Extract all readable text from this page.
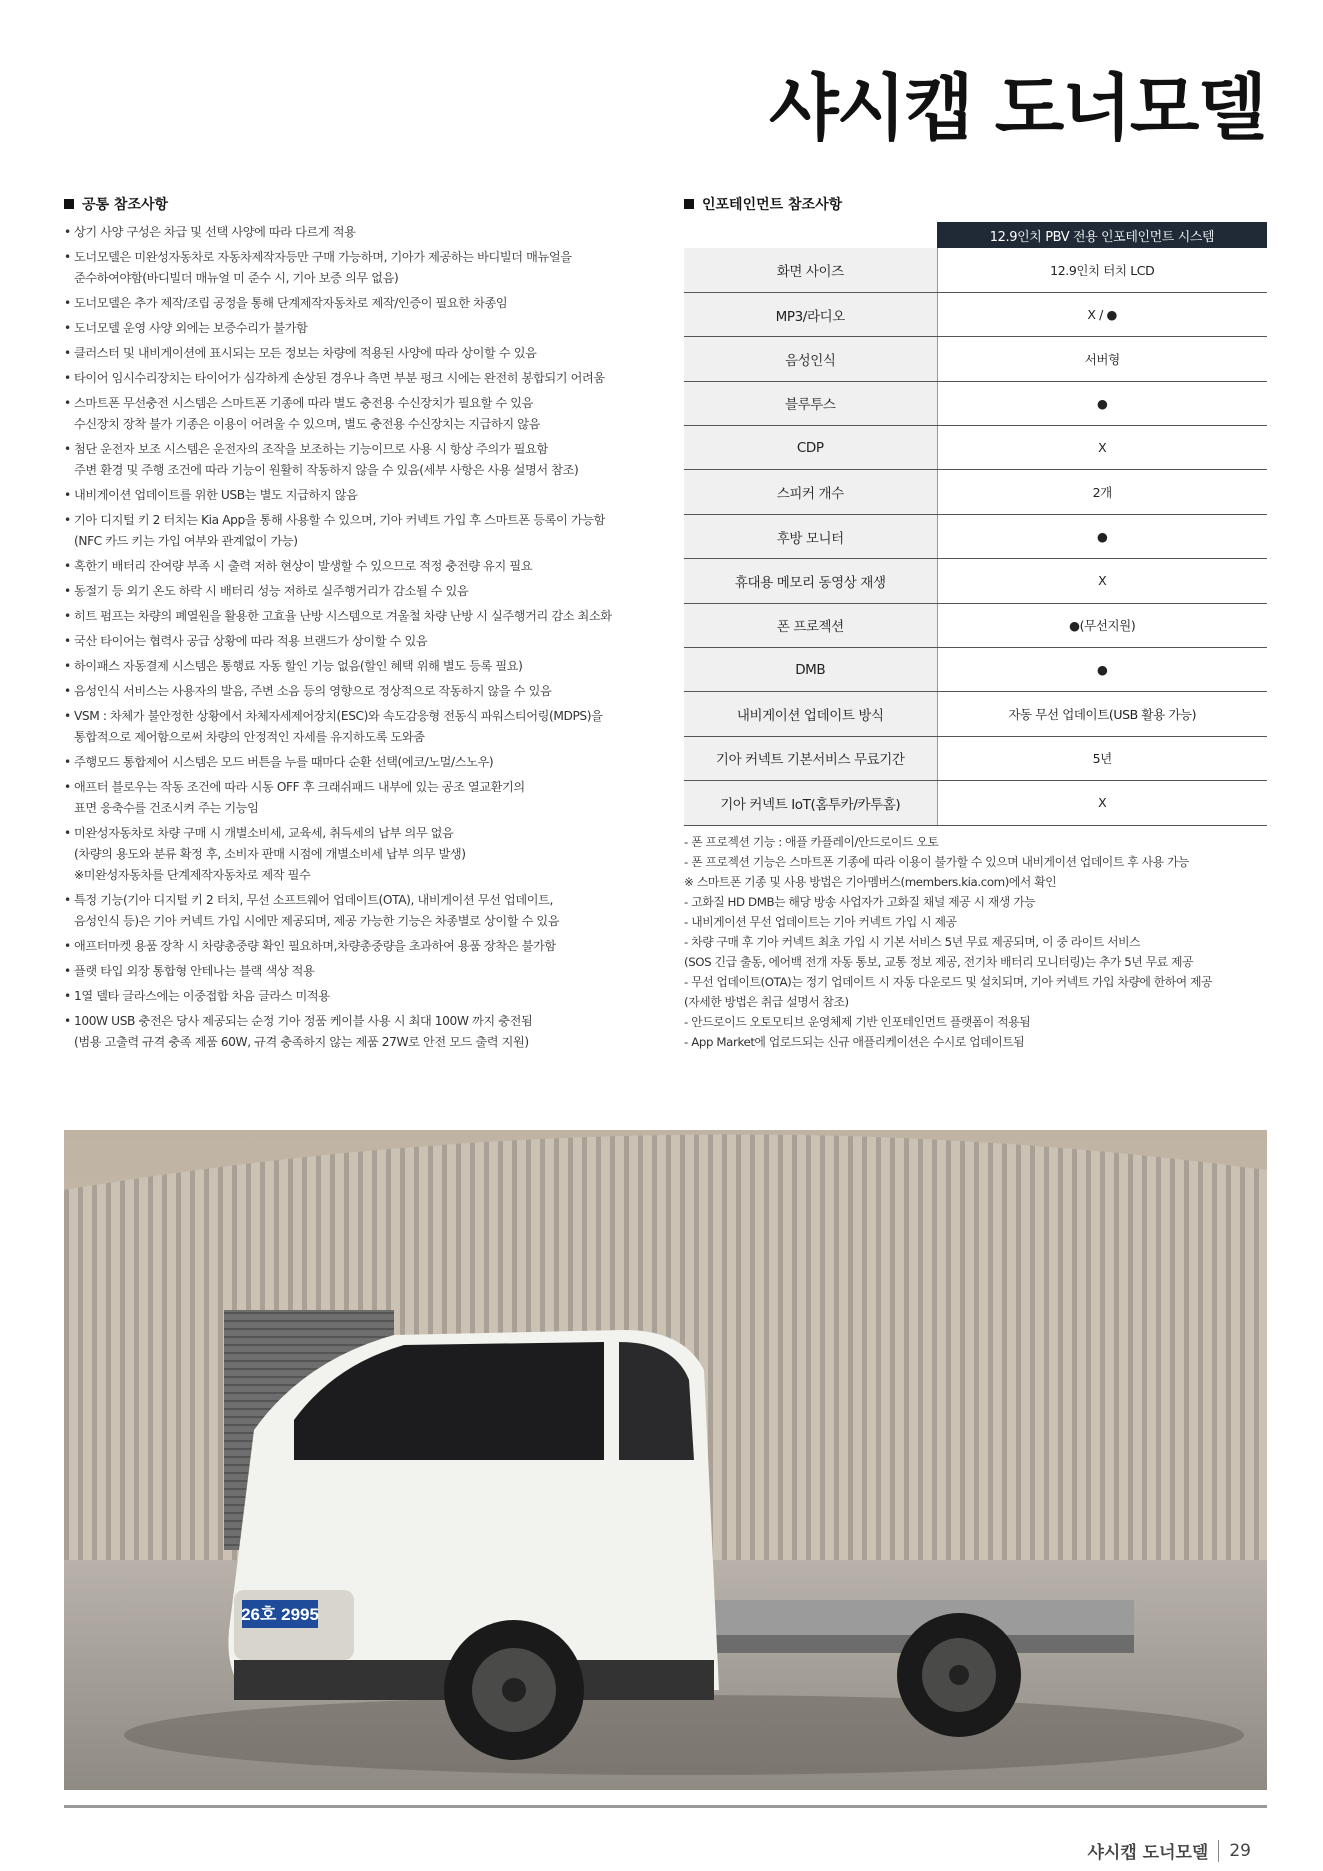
샤시캡 도너모델
공통 참조사항
• 상기 사양 구성은 차급 및 선택 사양에 따라 다르게 적용
• 도너모델은 미완성자동차로 자동차제작자등만 구매 가능하며, 기아가 제공하는 바디빌더 매뉴얼을
준수하여야함(바디빌더 매뉴얼 미 준수 시, 기아 보증 의무 없음)
• 도너모델은 추가 제작/조립 공정을 통해 단계제작자동차로 제작/인증이 필요한 차종임
• 도너모델 운영 사양 외에는 보증수리가 불가함
• 클러스터 및 내비게이션에 표시되는 모든 정보는 차량에 적용된 사양에 따라 상이할 수 있음
• 타이어 임시수리장치는 타이어가 심각하게 손상된 경우나 측면 부분 펑크 시에는 완전히 봉합되기 어려움
• 스마트폰 무선충전 시스템은 스마트폰 기종에 따라 별도 충전용 수신장치가 필요할 수 있음
수신장치 장착 불가 기종은 이용이 어려울 수 있으며, 별도 충전용 수신장치는 지급하지 않음
• 첨단 운전자 보조 시스템은 운전자의 조작을 보조하는 기능이므로 사용 시 항상 주의가 필요함
주변 환경 및 주행 조건에 따라 기능이 원활히 작동하지 않을 수 있음(세부 사항은 사용 설명서 참조)
• 내비게이션 업데이트를 위한 USB는 별도 지급하지 않음
• 기아 디지털 키 2 터치는 Kia App을 통해 사용할 수 있으며, 기아 커넥트 가입 후 스마트폰 등록이 가능함
(NFC 카드 키는 가입 여부와 관계없이 가능)
• 혹한기 배터리 잔여량 부족 시 출력 저하 현상이 발생할 수 있으므로 적정 충전량 유지 필요
• 동절기 등 외기 온도 하락 시 배터리 성능 저하로 실주행거리가 감소될 수 있음
• 히트 펌프는 차량의 폐열원을 활용한 고효율 난방 시스템으로 겨울철 차량 난방 시 실주행거리 감소 최소화
• 국산 타이어는 협력사 공급 상황에 따라 적용 브랜드가 상이할 수 있음
• 하이패스 자동결제 시스템은 통행료 자동 할인 기능 없음(할인 혜택 위해 별도 등록 필요)
• 음성인식 서비스는 사용자의 발음, 주변 소음 등의 영향으로 정상적으로 작동하지 않을 수 있음
• VSM : 차체가 불안정한 상황에서 차체자세제어장치(ESC)와 속도감응형 전동식 파워스티어링(MDPS)을
통합적으로 제어함으로써 차량의 안정적인 자세를 유지하도록 도와줌
• 주행모드 통합제어 시스템은 모드 버튼을 누를 때마다 순환 선택(에코/노멀/스노우)
• 애프터 블로우는 작동 조건에 따라 시동 OFF 후 크래쉬패드 내부에 있는 공조 열교환기의
표면 응축수를 건조시켜 주는 기능임
• 미완성자동차로 차량 구매 시 개별소비세, 교육세, 취득세의 납부 의무 없음
(차량의 용도와 분류 확정 후, 소비자 판매 시점에 개별소비세 납부 의무 발생)
※미완성자동차를 단계제작자동차로 제작 필수
• 특정 기능(기아 디지털 키 2 터치, 무선 소프트웨어 업데이트(OTA), 내비게이션 무선 업데이트,
음성인식 등)은 기아 커넥트 가입 시에만 제공되며, 제공 가능한 기능은 차종별로 상이할 수 있음
• 애프터마켓 용품 장착 시 차량총중량 확인 필요하며,차량총중량을 초과하여 용품 장착은 불가함
• 플랫 타입 외장 통합형 안테나는 블랙 색상 적용
• 1열 델타 글라스에는 이중접합 차음 글라스 미적용
• 100W USB 충전은 당사 제공되는 순정 기아 정품 케이블 사용 시 최대 100W 까지 충전됨
(범용 고출력 규격 충족 제품 60W, 규격 충족하지 않는 제품 27W로 안전 모드 출력 지원)
인포테인먼트 참조사항
	12.9인치 PBV 전용 인포테인먼트 시스템
화면 사이즈	12.9인치 터치 LCD
MP3/라디오	X / ●
음성인식	서버형
블루투스	●
CDP	X
스피커 개수	2개
후방 모니터	●
휴대용 메모리 동영상 재생	X
폰 프로젝션	●(무선지원)
DMB	●
내비게이션 업데이트 방식	자동 무선 업데이트(USB 활용 가능)
기아 커넥트 기본서비스 무료기간	5년
기아 커넥트 IoT(홈투카/카투홈)	X
- 폰 프로젝션 기능 : 애플 카플레이/안드로이드 오토
- 폰 프로젝션 기능은 스마트폰 기종에 따라 이용이 불가할 수 있으며 내비게이션 업데이트 후 사용 가능
※ 스마트폰 기종 및 사용 방법은 기아멤버스(members.kia.com)에서 확인
- 고화질 HD DMB는 해당 방송 사업자가 고화질 채널 제공 시 재생 가능
- 내비게이션 무선 업데이트는 기아 커넥트 가입 시 제공
- 차량 구매 후 기아 커넥트 최초 가입 시 기본 서비스 5년 무료 제공되며, 이 중 라이트 서비스
(SOS 긴급 출동, 에어백 전개 자동 통보, 교통 정보 제공, 전기차 배터리 모니터링)는 추가 5년 무료 제공
- 무선 업데이트(OTA)는 정기 업데이트 시 자동 다운로드 및 설치되며, 기아 커넥트 가입 차량에 한하여 제공
(자세한 방법은 취급 설명서 참조)
- 안드로이드 오토모티브 운영체제 기반 인포테인먼트 플랫폼이 적용됨
- App Market에 업로드되는 신규 애플리케이션은 수시로 업데이트됨
26호 2995
샤시캡 도너모델 29
